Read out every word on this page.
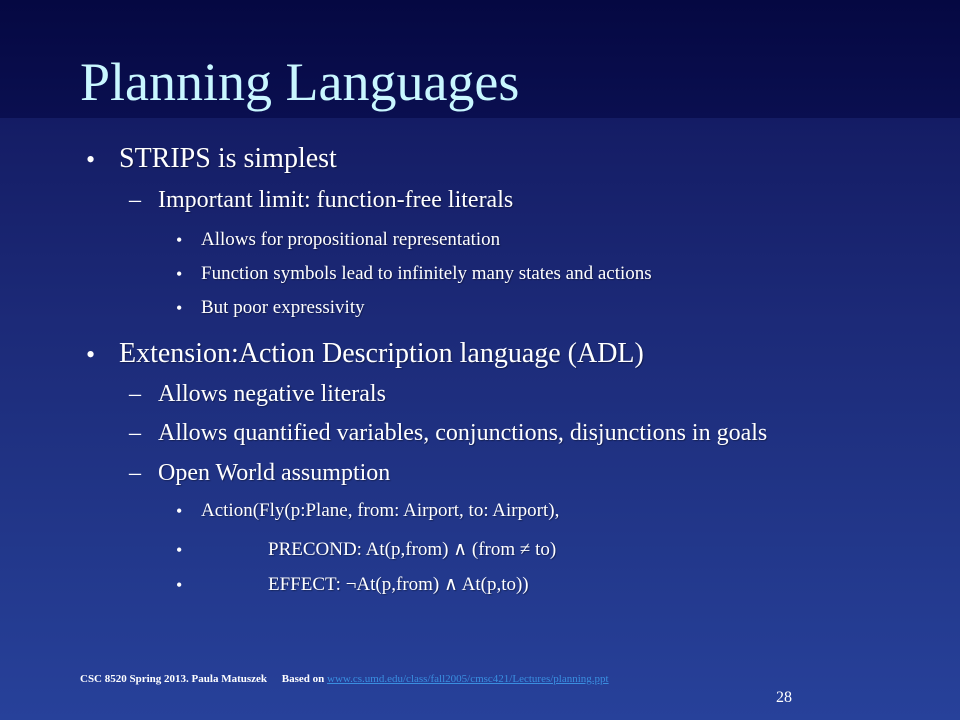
Planning Languages
• STRIPS is simplest
– Important limit: function-free literals
• Allows for propositional representation
• Function symbols lead to infinitely many states and actions
• But poor expressivity
• Extension:Action Description language (ADL)
– Allows negative literals
– Allows quantified variables, conjunctions, disjunctions in goals
– Open World assumption
• Action(Fly(p:Plane, from: Airport, to: Airport),
•	PRECOND: At(p,from) ∧ (from ≠ to)
•	EFFECT: ¬At(p,from) ∧ At(p,to))
CSC 8520 Spring 2013. Paula Matuszek Based on www.cs.umd.edu/class/fall2005/cmsc421/Lectures/planning.ppt
28
